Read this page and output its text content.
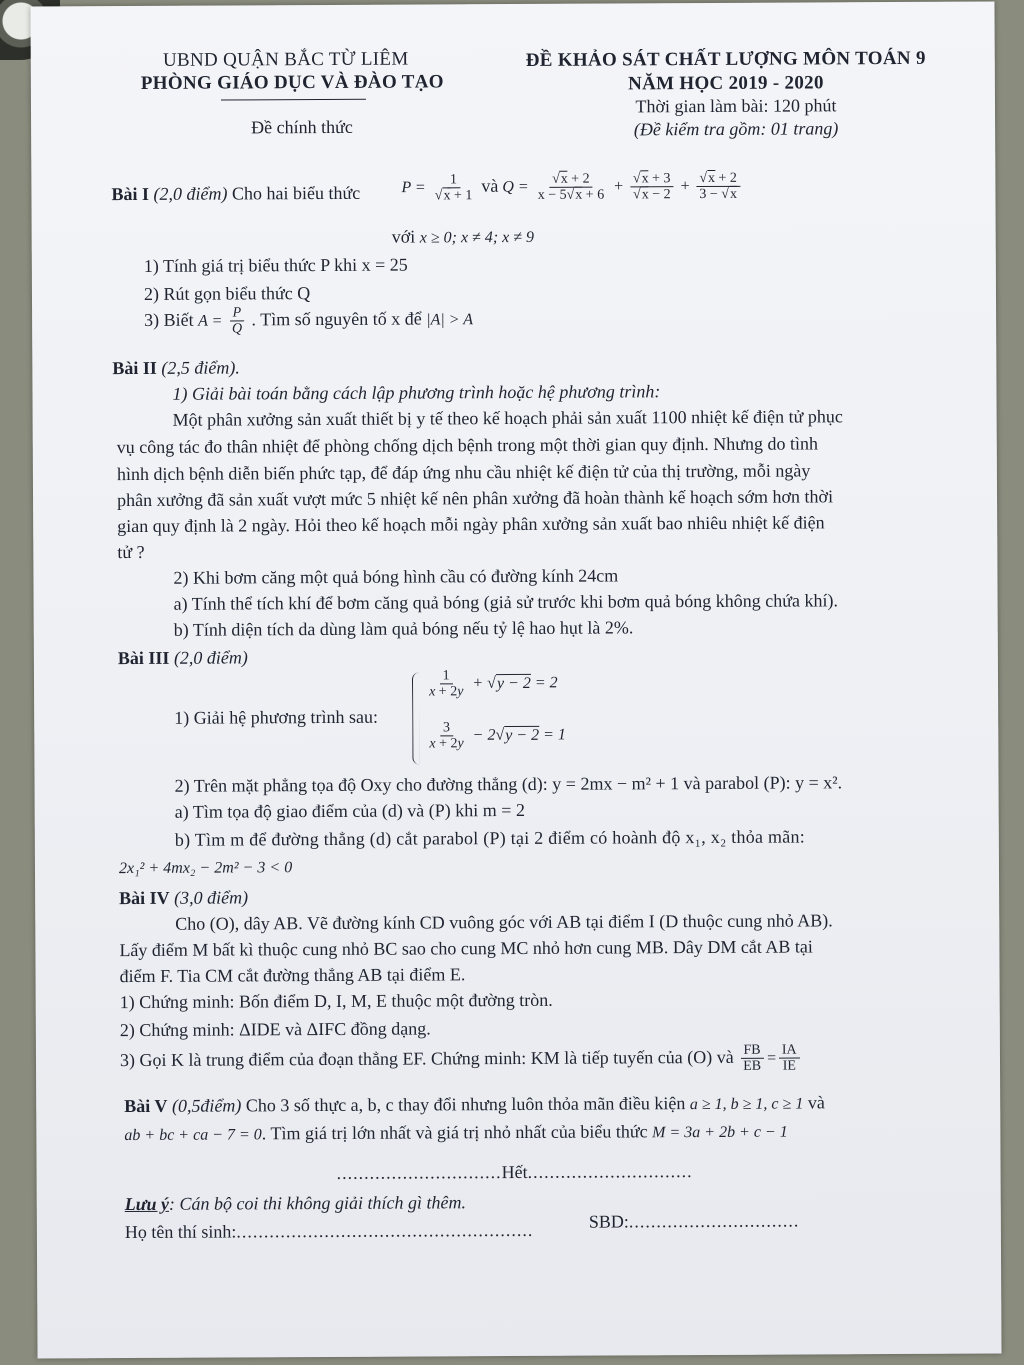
UBND QUẬN BẮC TỪ LIÊM
PHÒNG GIÁO DỤC VÀ ĐÀO TẠO
Đề chính thức
ĐỀ KHẢO SÁT CHẤT LƯỢNG MÔN TOÁN 9
NĂM HỌC 2019 - 2020
Thời gian làm bài: 120 phút
(Đề kiểm tra gồm: 01 trang)
Bài I (2,0 điểm) Cho hai biểu thức	$P = \frac{1}{√x + 1}$ và $Q = \frac{√x + 2}{x - 5√x + 6} + \frac{√x + 3}{√x - 2} + \frac{√x + 2}{3 - √x}$
với x ≥ 0; x ≠ 4; x ≠ 9
1) Tính giá trị biểu thức P khi x = 25
2) Rút gọn biểu thức Q
3) Biết $A = \frac{P}{Q}$ . Tìm số nguyên tố x để |A| > A
Bài II (2,5 điểm).
1) Giải bài toán bằng cách lập phương trình hoặc hệ phương trình:
Một phân xưởng sản xuất thiết bị y tế theo kế hoạch phải sản xuất 1100 nhiệt kế điện tử phục
vụ công tác đo thân nhiệt để phòng chống dịch bệnh trong một thời gian quy định. Nhưng do tình
hình dịch bệnh diễn biến phức tạp, để đáp ứng nhu cầu nhiệt kế điện tử của thị trường, mỗi ngày
phân xưởng đã sản xuất vượt mức 5 nhiệt kế nên phân xưởng đã hoàn thành kế hoạch sớm hơn thời
gian quy định là 2 ngày. Hỏi theo kế hoạch mỗi ngày phân xưởng sản xuất bao nhiêu nhiệt kế điện
tử ?
2) Khi bơm căng một quả bóng hình cầu có đường kính 24cm
a) Tính thể tích khí để bơm căng quả bóng (giả sử trước khi bơm quả bóng không chứa khí).
b) Tính diện tích da dùng làm quả bóng nếu tỷ lệ hao hụt là 2%.
Bài III (2,0 điểm)
1) Giải hệ phương trình sau:
$\frac{1}{x + 2y} + √y - 2 = 2$
$\frac{3}{x + 2y} - 2√y - 2 = 1$
2) Trên mặt phẳng tọa độ Oxy cho đường thẳng (d): y = 2mx − m² + 1 và parabol (P): y = x².
a) Tìm tọa độ giao điểm của (d) và (P) khi m = 2
b) Tìm m để đường thẳng (d) cắt parabol (P) tại 2 điểm có hoành độ x₁, x₂ thỏa mãn:
2x₁² + 4mx₂ − 2m² − 3 < 0
Bài IV (3,0 điểm)
Cho (O), dây AB. Vẽ đường kính CD vuông góc với AB tại điểm I (D thuộc cung nhỏ AB).
Lấy điểm M bất kì thuộc cung nhỏ BC sao cho cung MC nhỏ hơn cung MB. Dây DM cắt AB tại
điểm F. Tia CM cắt đường thẳng AB tại điểm E.
1) Chứng minh: Bốn điểm D, I, M, E thuộc một đường tròn.
2) Chứng minh: ΔIDE và ΔIFC đồng dạng.
3) Gọi K là trung điểm của đoạn thẳng EF. Chứng minh: KM là tiếp tuyến của (O) và $\frac{FB}{EB} = \frac{IA}{IE}$
Bài V (0,5điểm) Cho 3 số thực a, b, c thay đổi nhưng luôn thỏa mãn điều kiện a ≥ 1, b ≥ 1, c ≥ 1 và
ab + bc + ca − 7 = 0. Tìm giá trị lớn nhất và giá trị nhỏ nhất của biểu thức M = 3a + 2b + c − 1
..............................Hết..............................
Lưu ý: Cán bộ coi thi không giải thích gì thêm.
Họ tên thí sinh:......................................................	SBD:...............................
